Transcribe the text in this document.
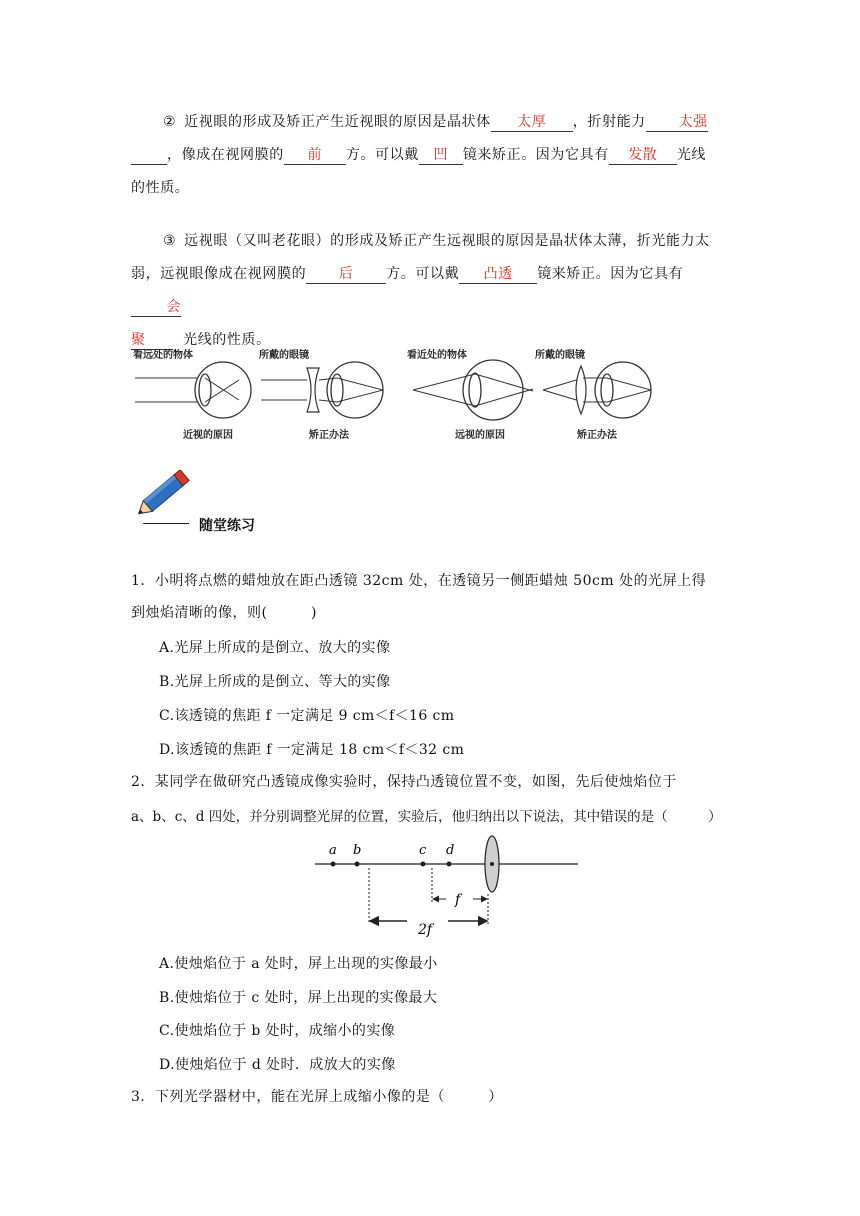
② 近视眼的形成及矫正产生近视眼的原因是晶状体 太厚 ，折射能力 太强
，像成在视网膜的 前 方。可以戴 凹 镜来矫正。因为它具有 发散 光线
的性质。
③ 远视眼（又叫老花眼）的形成及矫正产生远视眼的原因是晶状体太薄，折光能力太
弱，远视眼像成在视网膜的 后 方。可以戴 凸透 镜来矫正。因为它具有会
聚	光线的性质。
看远处的物体
近视的原因
所戴的眼镜
矫正办法
看近处的物体
远视的原因
所戴的眼镜
矫正办法
随堂练习
1．小明将点燃的蜡烛放在距凸透镜 32cm 处，在透镜另一侧距蜡烛 50cm 处的光屏上得
到烛焰清晰的像，则(　　　)
A.光屏上所成的是倒立、放大的实像
B.光屏上所成的是倒立、等大的实像
C.该透镜的焦距 f 一定满足 9 cm＜f＜16 cm
D.该透镜的焦距 f 一定满足 18 cm＜f＜32 cm
2．某同学在做研究凸透镜成像实验时，保持凸透镜位置不变，如图，先后使烛焰位于
a、b、c、d 四处，并分别调整光屏的位置，实验后，他归纳出以下说法，其中错误的是（　　　）
a b	c d
f
2f
A.使烛焰位于 a 处时，屏上出现的实像最小
B.使烛焰位于 c 处时，屏上出现的实像最大
C.使烛焰位于 b 处时，成缩小的实像
D.使烛焰位于 d 处时．成放大的实像
3．下列光学器材中，能在光屏上成缩小像的是（　　　）
